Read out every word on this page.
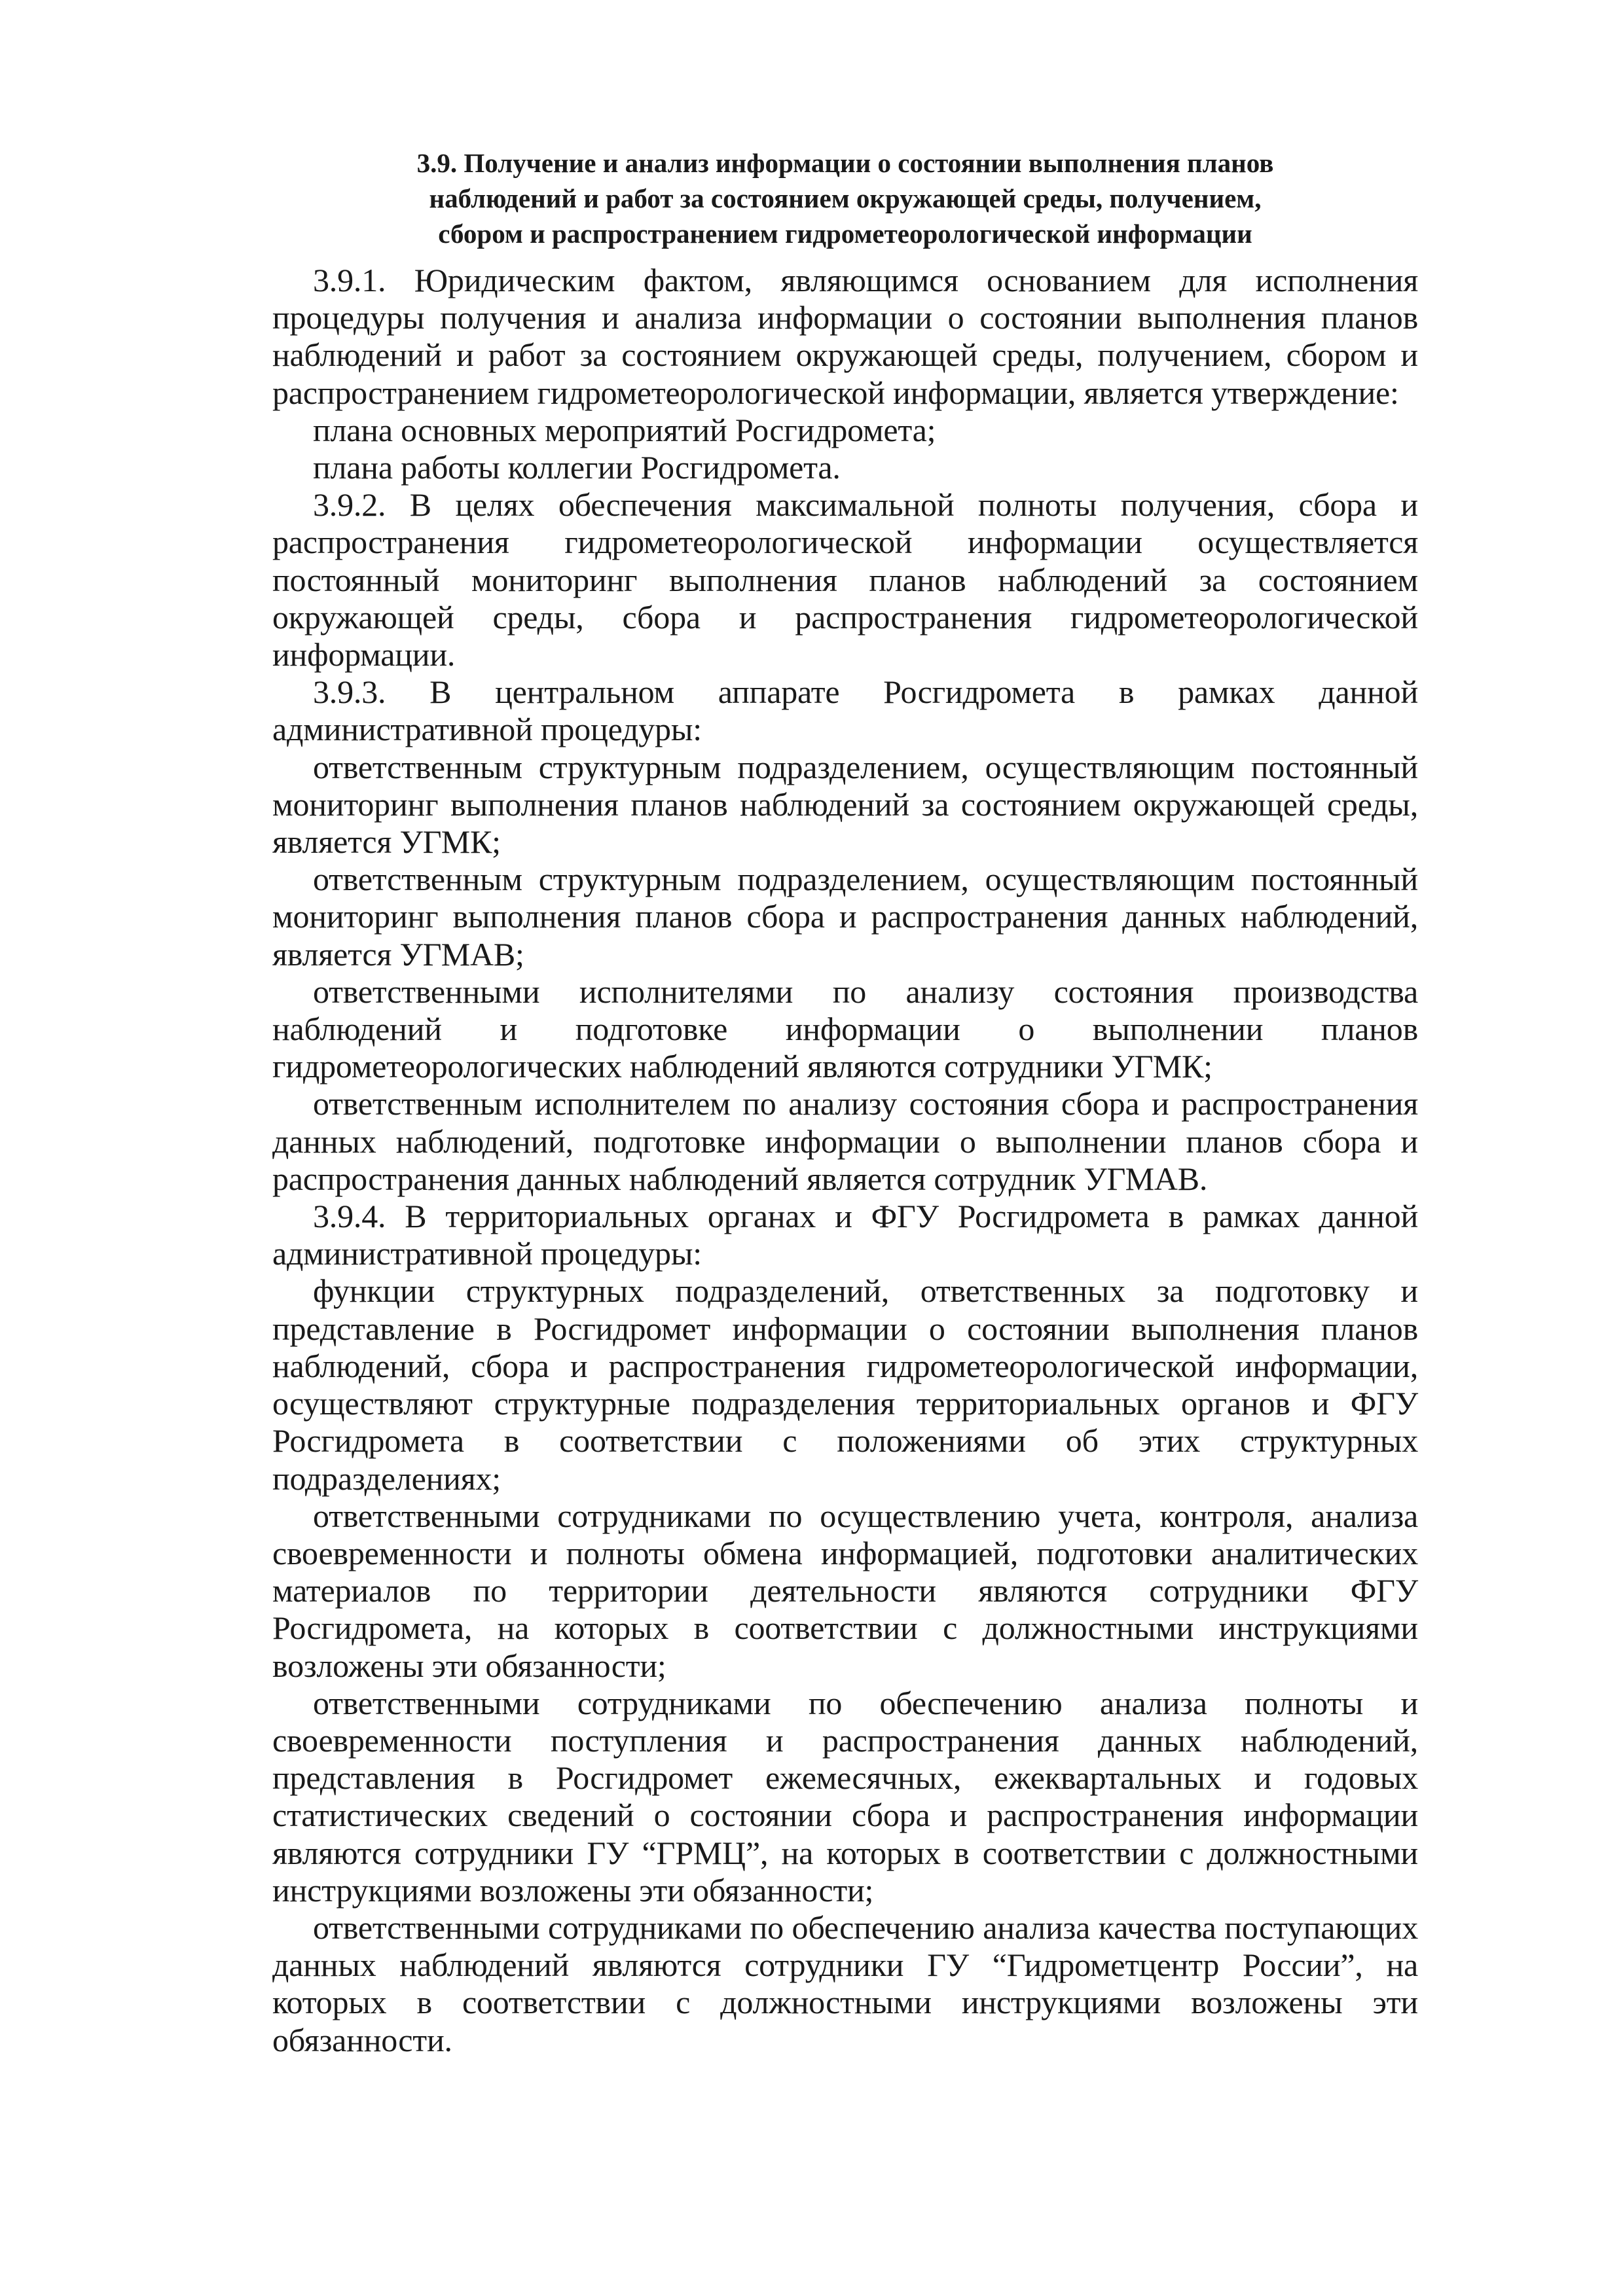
3.9. Получение и анализ информации о состоянии выполнения планов
наблюдений и работ за состоянием окружающей среды, получением,
сбором и распространением гидрометеорологической информации

3.9.1. Юридическим фактом, являющимся основанием для исполнения процедуры получения и анализа информации о состоянии выполнения планов наблюдений и работ за состоянием окружающей среды, получением, сбором и распространением гидрометеорологической информации, является утверждение:

плана основных мероприятий Росгидромета;

плана работы коллегии Росгидромета.

3.9.2. В целях обеспечения максимальной полноты получения, сбора и распространения гидрометеорологической информации осуществляется постоянный мониторинг выполнения планов наблюдений за состоянием окружающей среды, сбора и распространения гидрометеорологической информации.

3.9.3. В центральном аппарате Росгидромета в рамках данной административной процедуры:

ответственным структурным подразделением, осуществляющим постоянный мониторинг выполнения планов наблюдений за состоянием окружающей среды, является УГМК;

ответственным структурным подразделением, осуществляющим постоянный мониторинг выполнения планов сбора и распространения данных наблюдений, является УГМАВ;

ответственными исполнителями по анализу состояния производства наблюдений и подготовке информации о выполнении планов гидрометеорологических наблюдений являются сотрудники УГМК;

ответственным исполнителем по анализу состояния сбора и распространения данных наблюдений, подготовке информации о выполнении планов сбора и распространения данных наблюдений является сотрудник УГМАВ.

3.9.4. В территориальных органах и ФГУ Росгидромета в рамках данной административной процедуры:

функции структурных подразделений, ответственных за подготовку и представление в Росгидромет информации о состоянии выполнения планов наблюдений, сбора и распространения гидрометеорологической информации, осуществляют структурные подразделения территориальных органов и ФГУ Росгидромета в соответствии с положениями об этих структурных подразделениях;

ответственными сотрудниками по осуществлению учета, контроля, анализа своевременности и полноты обмена информацией, подготовки аналитических материалов по территории деятельности являются сотрудники ФГУ Росгидромета, на которых в соответствии с должностными инструкциями возложены эти обязанности;

ответственными сотрудниками по обеспечению анализа полноты и своевременности поступления и распространения данных наблюдений, представления в Росгидромет ежемесячных, ежеквартальных и годовых статистических сведений о состоянии сбора и распространения информации являются сотрудники ГУ “ГРМЦ”, на которых в соответствии с должностными инструкциями возложены эти обязанности;

ответственными сотрудниками по обеспечению анализа качества поступающих данных наблюдений являются сотрудники ГУ “Гидрометцентр России”, на которых в соответствии с должностными инструкциями возложены эти обязанности.
